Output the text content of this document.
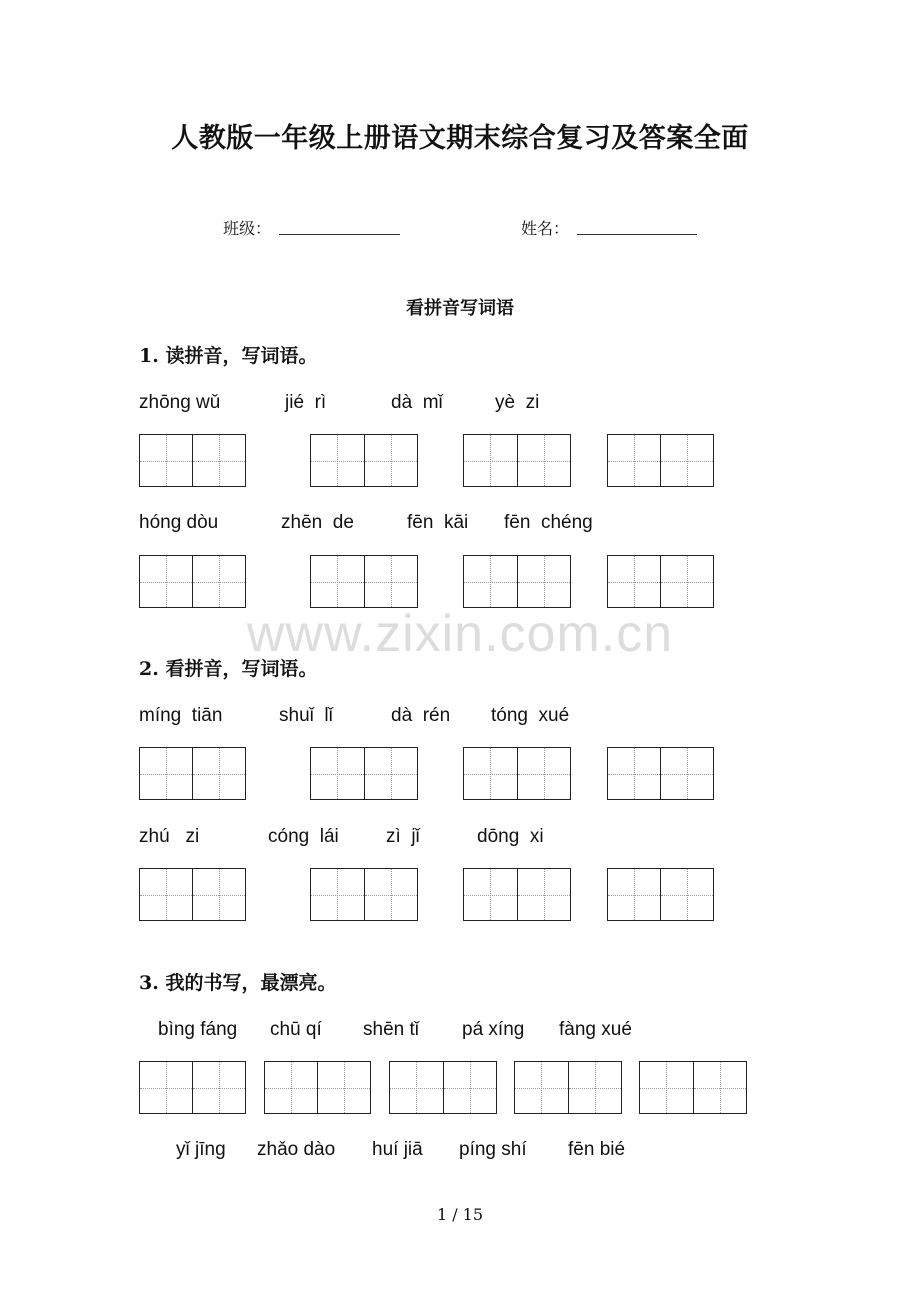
人教版一年级上册语文期末综合复习及答案全面
班级：	姓名：
看拼音写词语
1. 读拼音，写词语。
zhōng wǔ	jié  rì	dà  mǐ	yè  zi
hóng dòu	zhēn  de	fēn  kāi fēn  chéng
www.zixin.com.cn
2. 看拼音，写词语。
míng  tiān	shuǐ  lǐ	dà  rén tóng  xué
zhú   zi	cóng  lái zì  jǐ	dōng  xi
3. 我的书写，最漂亮。
bìng fáng chū qí shēn tǐ pá xíng fàng xué
yǐ jīng zhǎo dào huí jiā píng shí fēn bié
1 / 15
